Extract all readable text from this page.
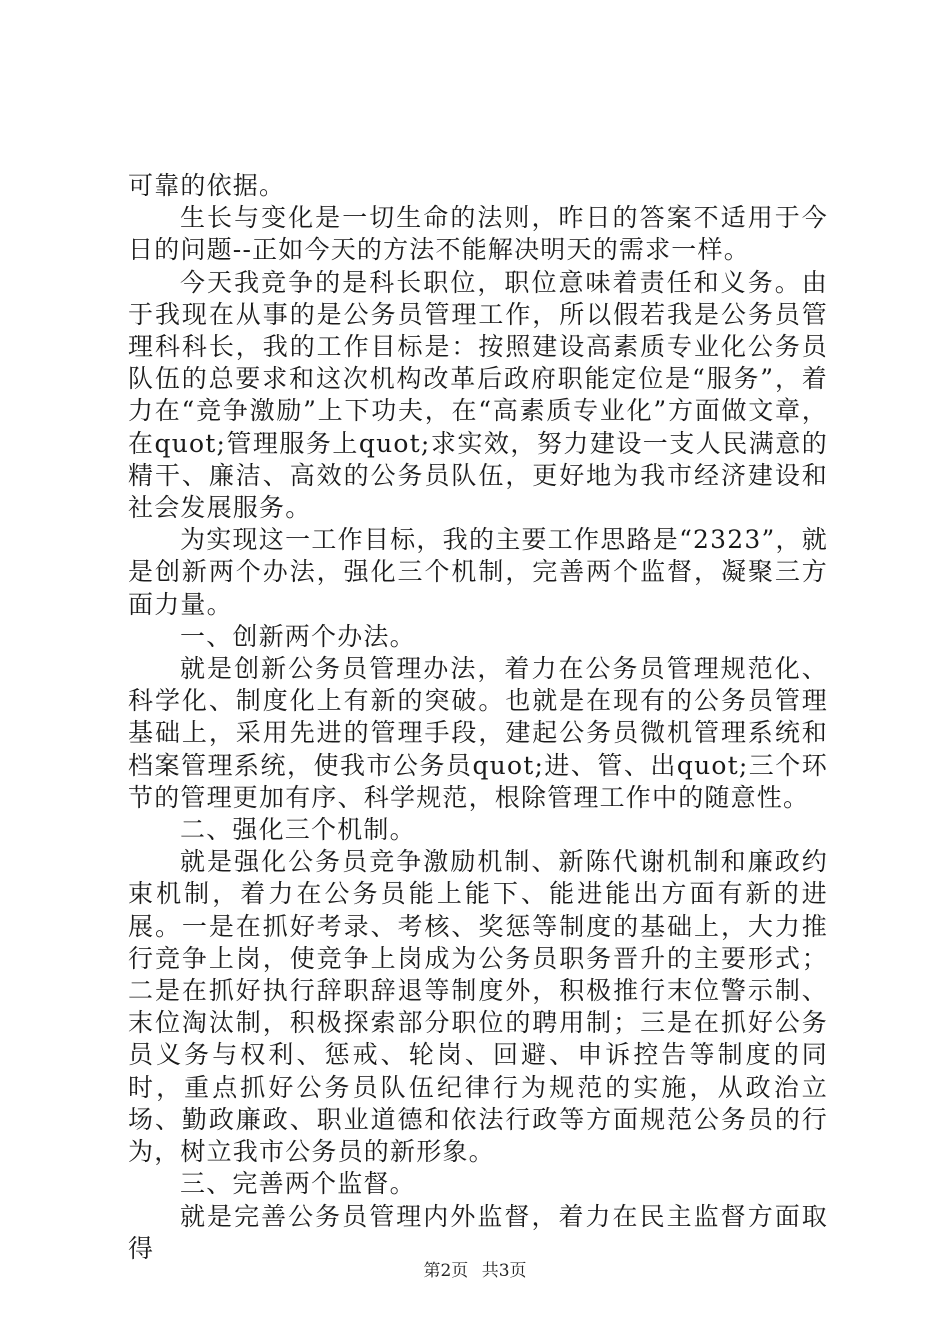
可靠的依据。

生长与变化是一切生命的法则，昨日的答案不适用于今日的问题--正如今天的方法不能解决明天的需求一样。

今天我竞争的是科长职位，职位意味着责任和义务。由于我现在从事的是公务员管理工作，所以假若我是公务员管理科科长，我的工作目标是：按照建设高素质专业化公务员队伍的总要求和这次机构改革后政府职能定位是“服务”，着力在“竞争激励”上下功夫，在“高素质专业化”方面做文章，在quot;管理服务上quot;求实效，努力建设一支人民满意的精干、廉洁、高效的公务员队伍，更好地为我市经济建设和社会发展服务。

为实现这一工作目标，我的主要工作思路是“2323”，就是创新两个办法，强化三个机制，完善两个监督，凝聚三方面力量。

一、创新两个办法。

就是创新公务员管理办法，着力在公务员管理规范化、科学化、制度化上有新的突破。也就是在现有的公务员管理基础上，采用先进的管理手段，建起公务员微机管理系统和档案管理系统，使我市公务员quot;进、管、出quot;三个环节的管理更加有序、科学规范，根除管理工作中的随意性。

二、强化三个机制。

就是强化公务员竞争激励机制、新陈代谢机制和廉政约束机制，着力在公务员能上能下、能进能出方面有新的进展。一是在抓好考录、考核、奖惩等制度的基础上，大力推行竞争上岗，使竞争上岗成为公务员职务晋升的主要形式；二是在抓好执行辞职辞退等制度外，积极推行末位警示制、末位淘汰制，积极探索部分职位的聘用制；三是在抓好公务员义务与权利、惩戒、轮岗、回避、申诉控告等制度的同时，重点抓好公务员队伍纪律行为规范的实施，从政治立场、勤政廉政、职业道德和依法行政等方面规范公务员的行为，树立我市公务员的新形象。

三、完善两个监督。

就是完善公务员管理内外监督，着力在民主监督方面取得

第2页 共3页
